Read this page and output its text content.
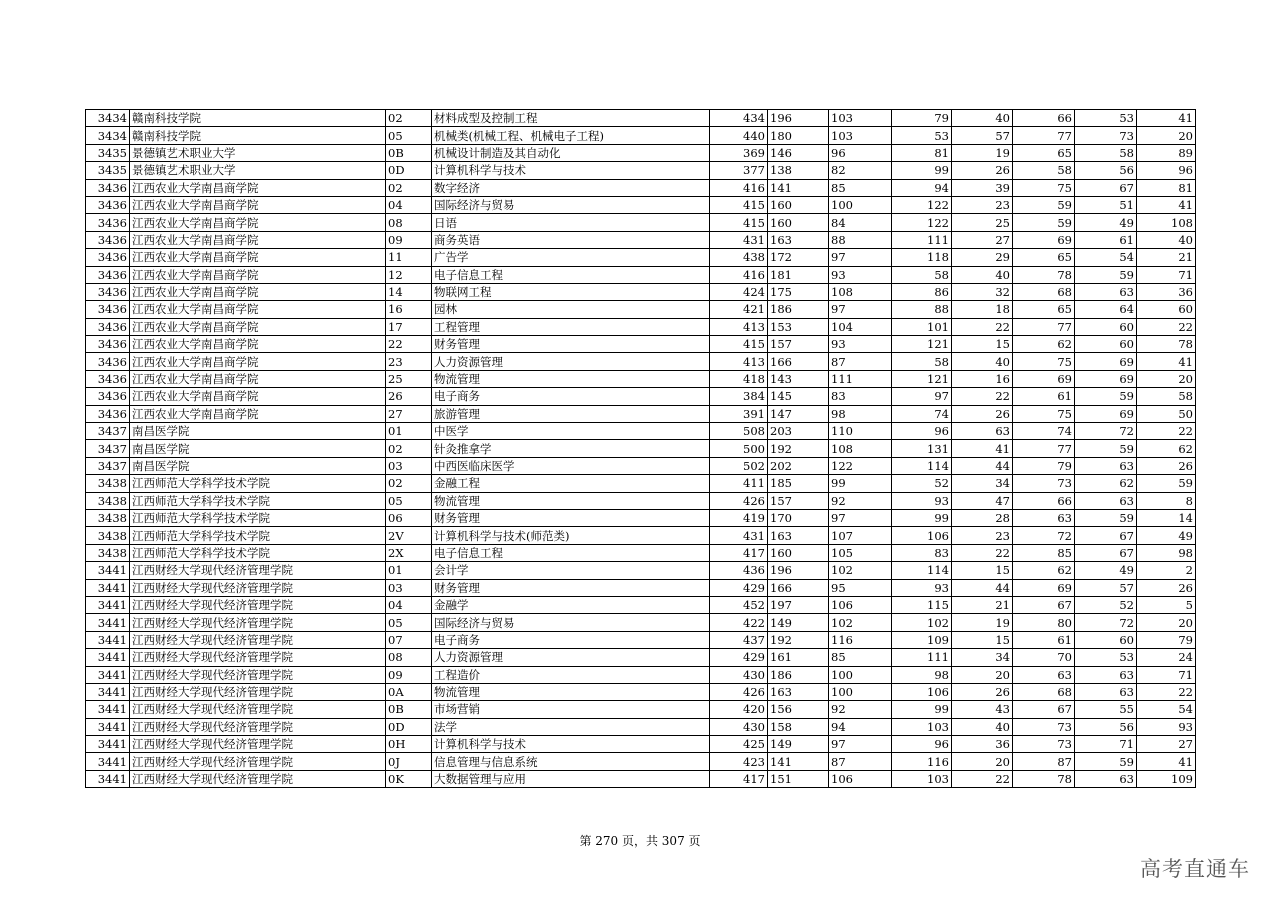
3434	赣南科技学院	02	材料成型及控制工程	434	196	103	79	40	66	53	41
3434	赣南科技学院	05	机械类(机械工程、机械电子工程)	440	180	103	53	57	77	73	20
3435	景德镇艺术职业大学	0B	机械设计制造及其自动化	369	146	96	81	19	65	58	89
3435	景德镇艺术职业大学	0D	计算机科学与技术	377	138	82	99	26	58	56	96
3436	江西农业大学南昌商学院	02	数字经济	416	141	85	94	39	75	67	81
3436	江西农业大学南昌商学院	04	国际经济与贸易	415	160	100	122	23	59	51	41
3436	江西农业大学南昌商学院	08	日语	415	160	84	122	25	59	49	108
3436	江西农业大学南昌商学院	09	商务英语	431	163	88	111	27	69	61	40
3436	江西农业大学南昌商学院	11	广告学	438	172	97	118	29	65	54	21
3436	江西农业大学南昌商学院	12	电子信息工程	416	181	93	58	40	78	59	71
3436	江西农业大学南昌商学院	14	物联网工程	424	175	108	86	32	68	63	36
3436	江西农业大学南昌商学院	16	园林	421	186	97	88	18	65	64	60
3436	江西农业大学南昌商学院	17	工程管理	413	153	104	101	22	77	60	22
3436	江西农业大学南昌商学院	22	财务管理	415	157	93	121	15	62	60	78
3436	江西农业大学南昌商学院	23	人力资源管理	413	166	87	58	40	75	69	41
3436	江西农业大学南昌商学院	25	物流管理	418	143	111	121	16	69	69	20
3436	江西农业大学南昌商学院	26	电子商务	384	145	83	97	22	61	59	58
3436	江西农业大学南昌商学院	27	旅游管理	391	147	98	74	26	75	69	50
3437	南昌医学院	01	中医学	508	203	110	96	63	74	72	22
3437	南昌医学院	02	针灸推拿学	500	192	108	131	41	77	59	62
3437	南昌医学院	03	中西医临床医学	502	202	122	114	44	79	63	26
3438	江西师范大学科学技术学院	02	金融工程	411	185	99	52	34	73	62	59
3438	江西师范大学科学技术学院	05	物流管理	426	157	92	93	47	66	63	8
3438	江西师范大学科学技术学院	06	财务管理	419	170	97	99	28	63	59	14
3438	江西师范大学科学技术学院	2V	计算机科学与技术(师范类)	431	163	107	106	23	72	67	49
3438	江西师范大学科学技术学院	2X	电子信息工程	417	160	105	83	22	85	67	98
3441	江西财经大学现代经济管理学院	01	会计学	436	196	102	114	15	62	49	2
3441	江西财经大学现代经济管理学院	03	财务管理	429	166	95	93	44	69	57	26
3441	江西财经大学现代经济管理学院	04	金融学	452	197	106	115	21	67	52	5
3441	江西财经大学现代经济管理学院	05	国际经济与贸易	422	149	102	102	19	80	72	20
3441	江西财经大学现代经济管理学院	07	电子商务	437	192	116	109	15	61	60	79
3441	江西财经大学现代经济管理学院	08	人力资源管理	429	161	85	111	34	70	53	24
3441	江西财经大学现代经济管理学院	09	工程造价	430	186	100	98	20	63	63	71
3441	江西财经大学现代经济管理学院	0A	物流管理	426	163	100	106	26	68	63	22
3441	江西财经大学现代经济管理学院	0B	市场营销	420	156	92	99	43	67	55	54
3441	江西财经大学现代经济管理学院	0D	法学	430	158	94	103	40	73	56	93
3441	江西财经大学现代经济管理学院	0H	计算机科学与技术	425	149	97	96	36	73	71	27
3441	江西财经大学现代经济管理学院	0J	信息管理与信息系统	423	141	87	116	20	87	59	41
3441	江西财经大学现代经济管理学院	0K	大数据管理与应用	417	151	106	103	22	78	63	109
第 270 页，共 307 页
高考直通车
